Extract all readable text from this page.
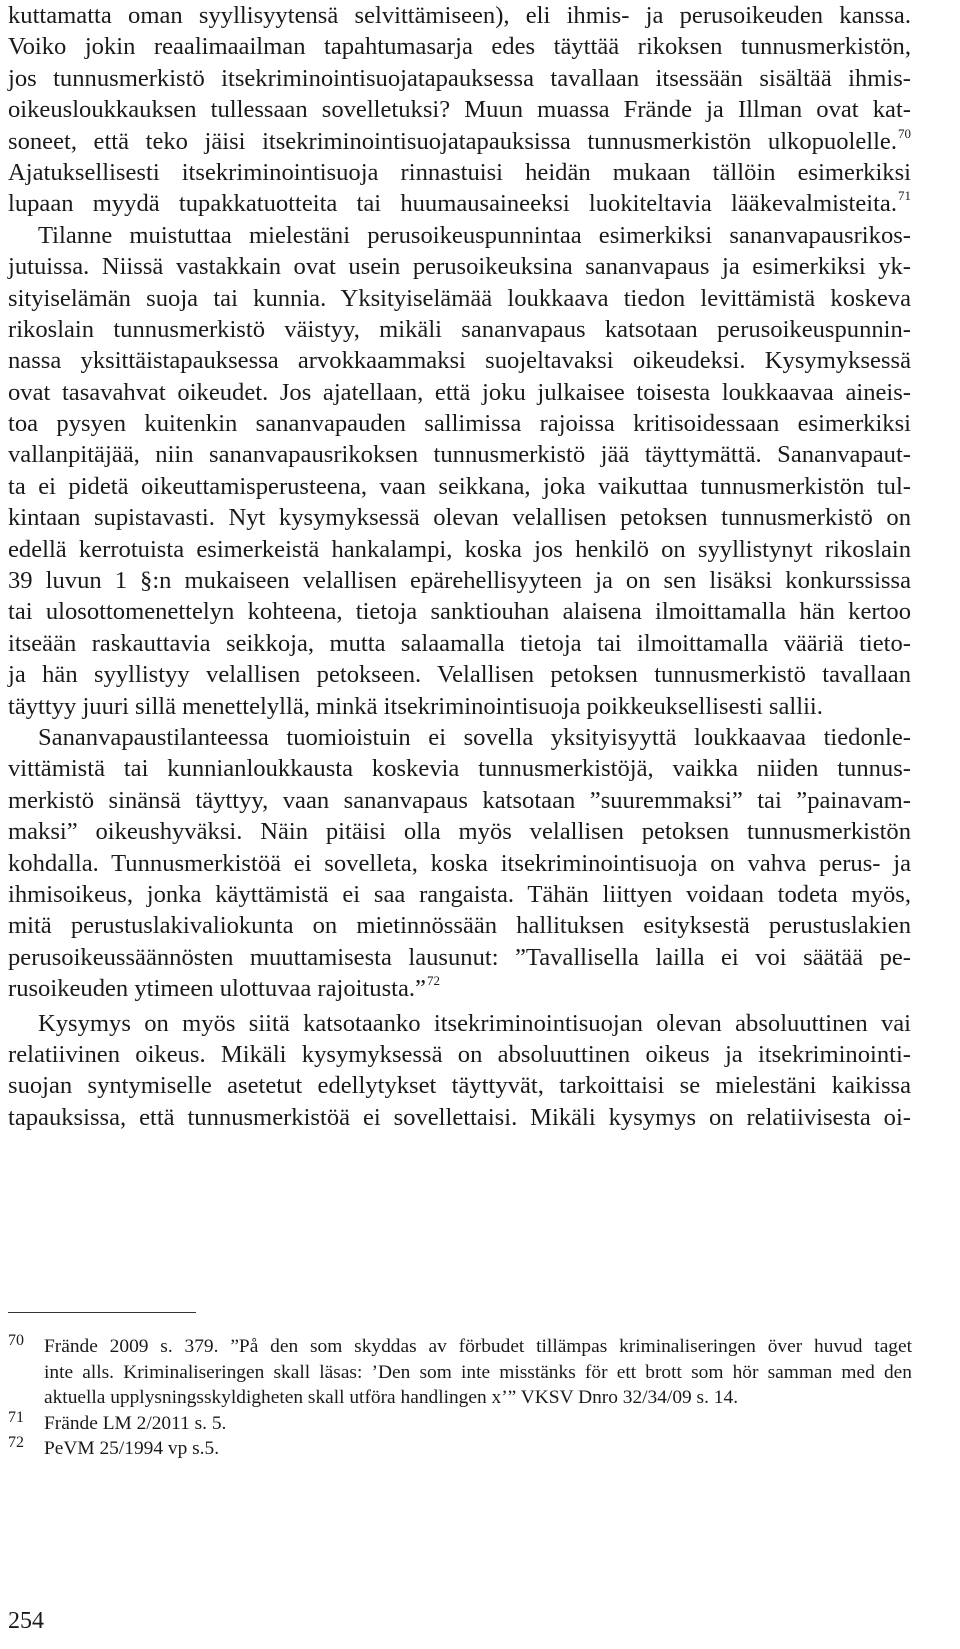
kuttamatta oman syyllisyytensä selvittämiseen), eli ihmis- ja perusoikeuden kanssa.
Voiko jokin reaalimaailman tapahtumasarja edes täyttää rikoksen tunnusmerkistön,
jos tunnusmerkistö itsekriminointisuojatapauksessa tavallaan itsessään sisältää ihmis-
oikeusloukkauksen tullessaan sovelletuksi? Muun muassa Frände ja Illman ovat kat-
soneet, että teko jäisi itsekriminointisuojatapauksissa tunnusmerkistön ulkopuolelle.$^{70}$
Ajatuksellisesti itsekriminointisuoja rinnastuisi heidän mukaan tällöin esimerkiksi
lupaan myydä tupakkatuotteita tai huumausaineeksi luokiteltavia lääkevalmisteita.$^{71}$
Tilanne muistuttaa mielestäni perusoikeuspunnintaa esimerkiksi sananvapausrikos-
jutuissa. Niissä vastakkain ovat usein perusoikeuksina sananvapaus ja esimerkiksi yk-
sityiselämän suoja tai kunnia. Yksityiselämää loukkaava tiedon levittämistä koskeva
rikoslain tunnusmerkistö väistyy, mikäli sananvapaus katsotaan perusoikeuspunnin-
nassa yksittäistapauksessa arvokkaammaksi suojeltavaksi oikeudeksi. Kysymyksessä
ovat tasavahvat oikeudet. Jos ajatellaan, että joku julkaisee toisesta loukkaavaa aineis-
toa pysyen kuitenkin sananvapauden sallimissa rajoissa kritisoidessaan esimerkiksi
vallanpitäjää, niin sananvapausrikoksen tunnusmerkistö jää täyttymättä. Sananvapaut-
ta ei pidetä oikeuttamisperusteena, vaan seikkana, joka vaikuttaa tunnusmerkistön tul-
kintaan supistavasti. Nyt kysymyksessä olevan velallisen petoksen tunnusmerkistö on
edellä kerrotuista esimerkeistä hankalampi, koska jos henkilö on syyllistynyt rikoslain
39 luvun 1 §:n mukaiseen velallisen epärehellisyyteen ja on sen lisäksi konkurssissa
tai ulosottomenettelyn kohteena, tietoja sanktiouhan alaisena ilmoittamalla hän kertoo
itseään raskauttavia seikkoja, mutta salaamalla tietoja tai ilmoittamalla vääriä tieto-
ja hän syyllistyy velallisen petokseen. Velallisen petoksen tunnusmerkistö tavallaan
täyttyy juuri sillä menettelyllä, minkä itsekriminointisuoja poikkeuksellisesti sallii.
Sananvapaustilanteessa tuomioistuin ei sovella yksityisyyttä loukkaavaa tiedonle-
vittämistä tai kunnianloukkausta koskevia tunnusmerkistöjä, vaikka niiden tunnus-
merkistö sinänsä täyttyy, vaan sananvapaus katsotaan ”suuremmaksi” tai ”painavam-
maksi” oikeushyväksi. Näin pitäisi olla myös velallisen petoksen tunnusmerkistön
kohdalla. Tunnusmerkistöä ei sovelleta, koska itsekriminointisuoja on vahva perus- ja
ihmisoikeus, jonka käyttämistä ei saa rangaista. Tähän liittyen voidaan todeta myös,
mitä perustuslakivaliokunta on mietinnössään hallituksen esityksestä perustuslakien
perusoikeussäännösten muuttamisesta lausunut: ”Tavallisella lailla ei voi säätää pe-
rusoikeuden ytimeen ulottuvaa rajoitusta.”$^{72}$
Kysymys on myös siitä katsotaanko itsekriminointisuojan olevan absoluuttinen vai
relatiivinen oikeus. Mikäli kysymyksessä on absoluuttinen oikeus ja itsekriminointi-
suojan syntymiselle asetetut edellytykset täyttyvät, tarkoittaisi se mielestäni kaikissa
tapauksissa, että tunnusmerkistöä ei sovellettaisi. Mikäli kysymys on relatiivisesta oi-
70 Frände 2009 s. 379. ”På den som skyddas av förbudet tillämpas kriminaliseringen över huvud taget
inte alls. Kriminaliseringen skall läsas: ’Den som inte misstänks för ett brott som hör samman med den
aktuella upplysningsskyldigheten skall utföra handlingen x’” VKSV Dnro 32/34/09 s. 14.
71 Frände LM 2/2011 s. 5.
72 PeVM 25/1994 vp s.5.
254
